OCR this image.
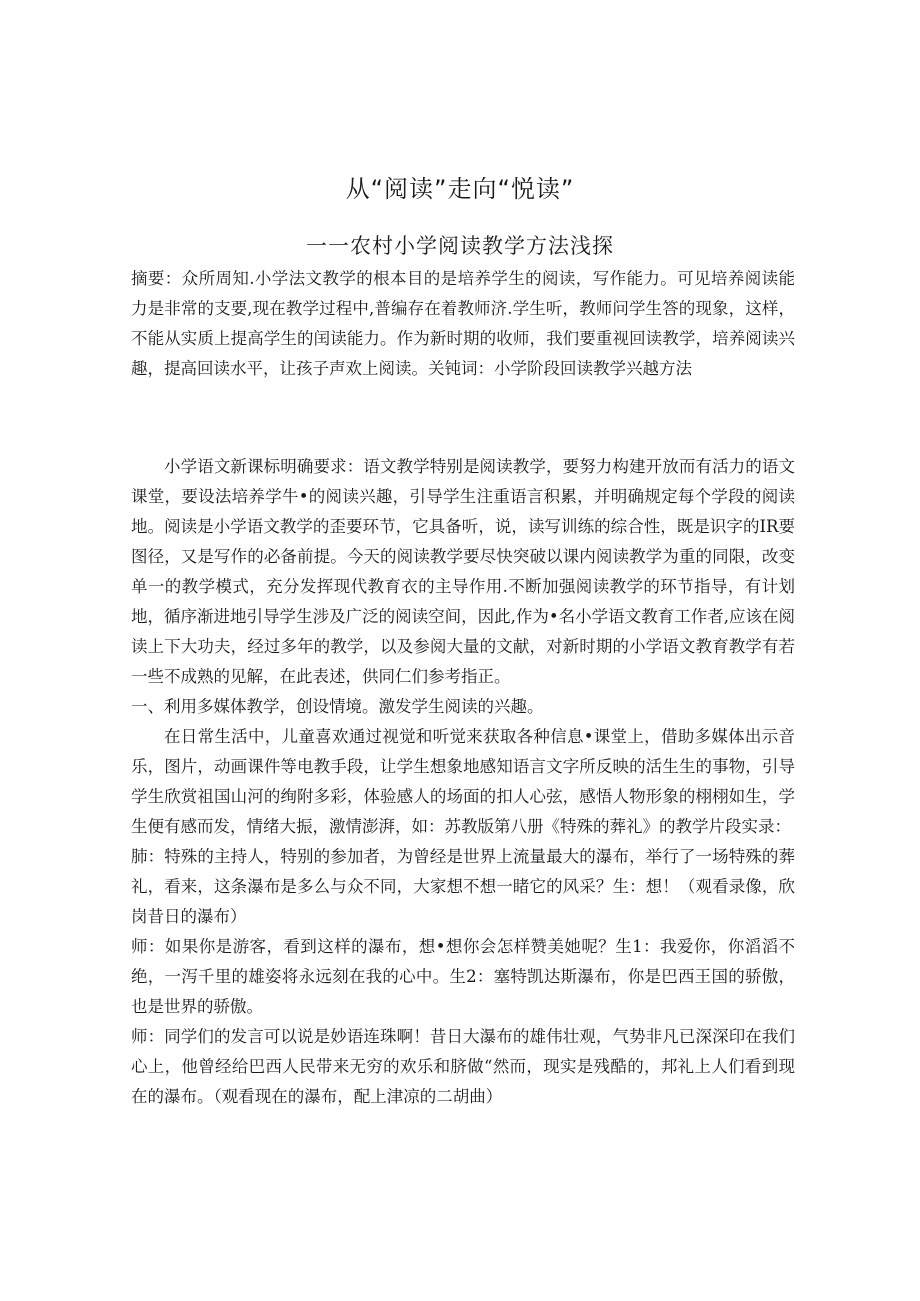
从“阅读”走向“悦读”
一一农村小学阅读教学方法浅探

摘要：众所周知.小学法文教学的根本目的是培养学生的阅读，写作能力。可见培养阅读能力是非常的支要,现在教学过程中,普编存在着教师济.学生听，教师问学生答的现象，这样，不能从实质上提高学生的闰读能力。作为新时期的收师，我们要重视回读教学，培养阅读兴趣，提高回读水平，让孩子声欢上阅读。关钝词：小学阶段回读教学兴越方法

小学语文新课标明确要求：语文教学特别是阅读教学，要努力构建开放而有活力的语文课堂，要设法培养学牛•的阅读兴趣，引导学生注重语言积累，并明确规定每个学段的阅读地。阅读是小学语文教学的歪要环节，它具备听，说，读写训练的综合性，既是识字的IR要图径，又是写作的必备前提。今天的阅读教学要尽快突破以课内阅读教学为重的同限，改变单一的教学模式，充分发挥现代教育衣的主导作用.不断加强阅读教学的环节指导，有计划地，循序渐进地引导学生涉及广泛的阅读空间，因此,作为•名小学语文教育工作者,应该在阅读上下大功夫，经过多年的教学，以及参阅大量的文献，对新时期的小学语文教育教学有若一些不成熟的见解，在此表述，供同仁们参考指正。

一、利用多媒体教学，创设情境。激发学生阅读的兴趣。

在日常生活中，儿童喜欢通过视觉和听觉来获取各种信息•课堂上，借助多媒体出示音乐，图片，动画课件等电教手段，让学生想象地感知语言文字所反映的活生生的事物，引导学生欣赏祖国山河的绚附多彩，体验感人的场面的扣人心弦，感悟人物形象的栩栩如生，学生便有感而发，情绪大振，激情澎湃，如：苏教版第八册《特殊的葬礼》的教学片段实录：

肺：特殊的主持人，特别的参加者，为曾经是世界上流量最大的瀑布，举行了一场特殊的葬礼，看来，这条瀑布是多么与众不同，大家想不想一睹它的风采？生：想！（观看录像，欣岗昔日的瀑布）

师：如果你是游客，看到这样的瀑布，想•想你会怎样赞美她呢？生1：我爱你，你滔滔不绝，一泻千里的雄姿将永远刻在我的心中。生2：塞特凯达斯瀑布，你是巴西王国的骄傲，也是世界的骄傲。

师：同学们的发言可以说是妙语连珠啊！昔日大瀑布的雄伟壮观，气势非凡已深深印在我们心上，他曾经给巴西人民带来无穷的欢乐和脐做“然而，现实是残酷的，邦礼上人们看到现在的瀑布。（观看现在的瀑布，配上津凉的二胡曲）
